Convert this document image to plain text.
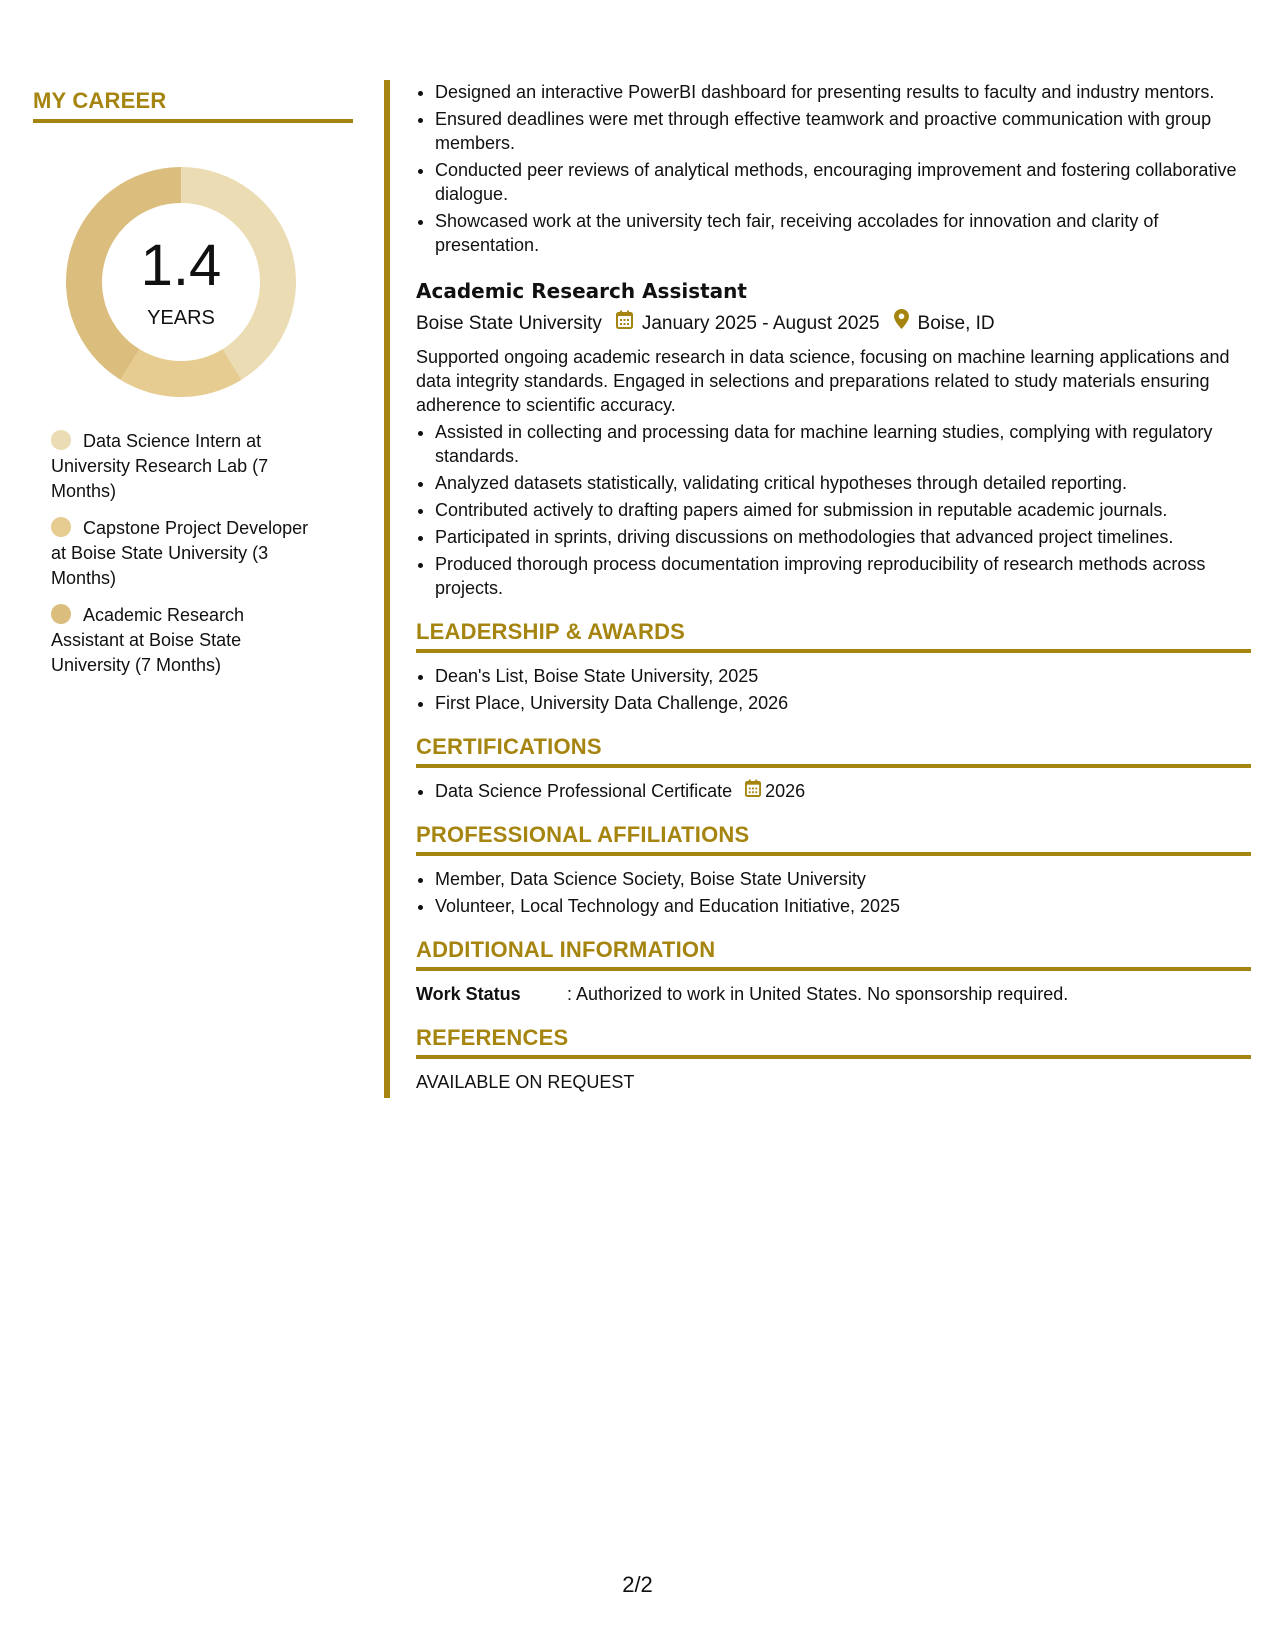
MY CAREER
1.4
YEARS
Data Science Intern at University Research Lab (7 Months)
Capstone Project Developer at Boise State University (3 Months)
Academic Research Assistant at Boise State University (7 Months)
• Designed an interactive PowerBI dashboard for presenting results to faculty and industry mentors.
• Ensured deadlines were met through effective teamwork and proactive communication with group members.
• Conducted peer reviews of analytical methods, encouraging improvement and fostering collaborative dialogue.
• Showcased work at the university tech fair, receiving accolades for innovation and clarity of presentation.
Academic Research Assistant
Boise State University January 2025 - August 2025 Boise, ID

Supported ongoing academic research in data science, focusing on machine learning applications and data integrity standards. Engaged in selections and preparations related to study materials ensuring adherence to scientific accuracy.

• Assisted in collecting and processing data for machine learning studies, complying with regulatory standards.
• Analyzed datasets statistically, validating critical hypotheses through detailed reporting.
• Contributed actively to drafting papers aimed for submission in reputable academic journals.
• Participated in sprints, driving discussions on methodologies that advanced project timelines.
• Produced thorough process documentation improving reproducibility of research methods across projects.
LEADERSHIP & AWARDS
• Dean's List, Boise State University, 2025
• First Place, University Data Challenge, 2026
CERTIFICATIONS
• Data Science Professional Certificate 2026
PROFESSIONAL AFFILIATIONS
• Member, Data Science Society, Boise State University
• Volunteer, Local Technology and Education Initiative, 2025
ADDITIONAL INFORMATION
Work Status	: Authorized to work in United States. No sponsorship required.
REFERENCES
AVAILABLE ON REQUEST
2/2
